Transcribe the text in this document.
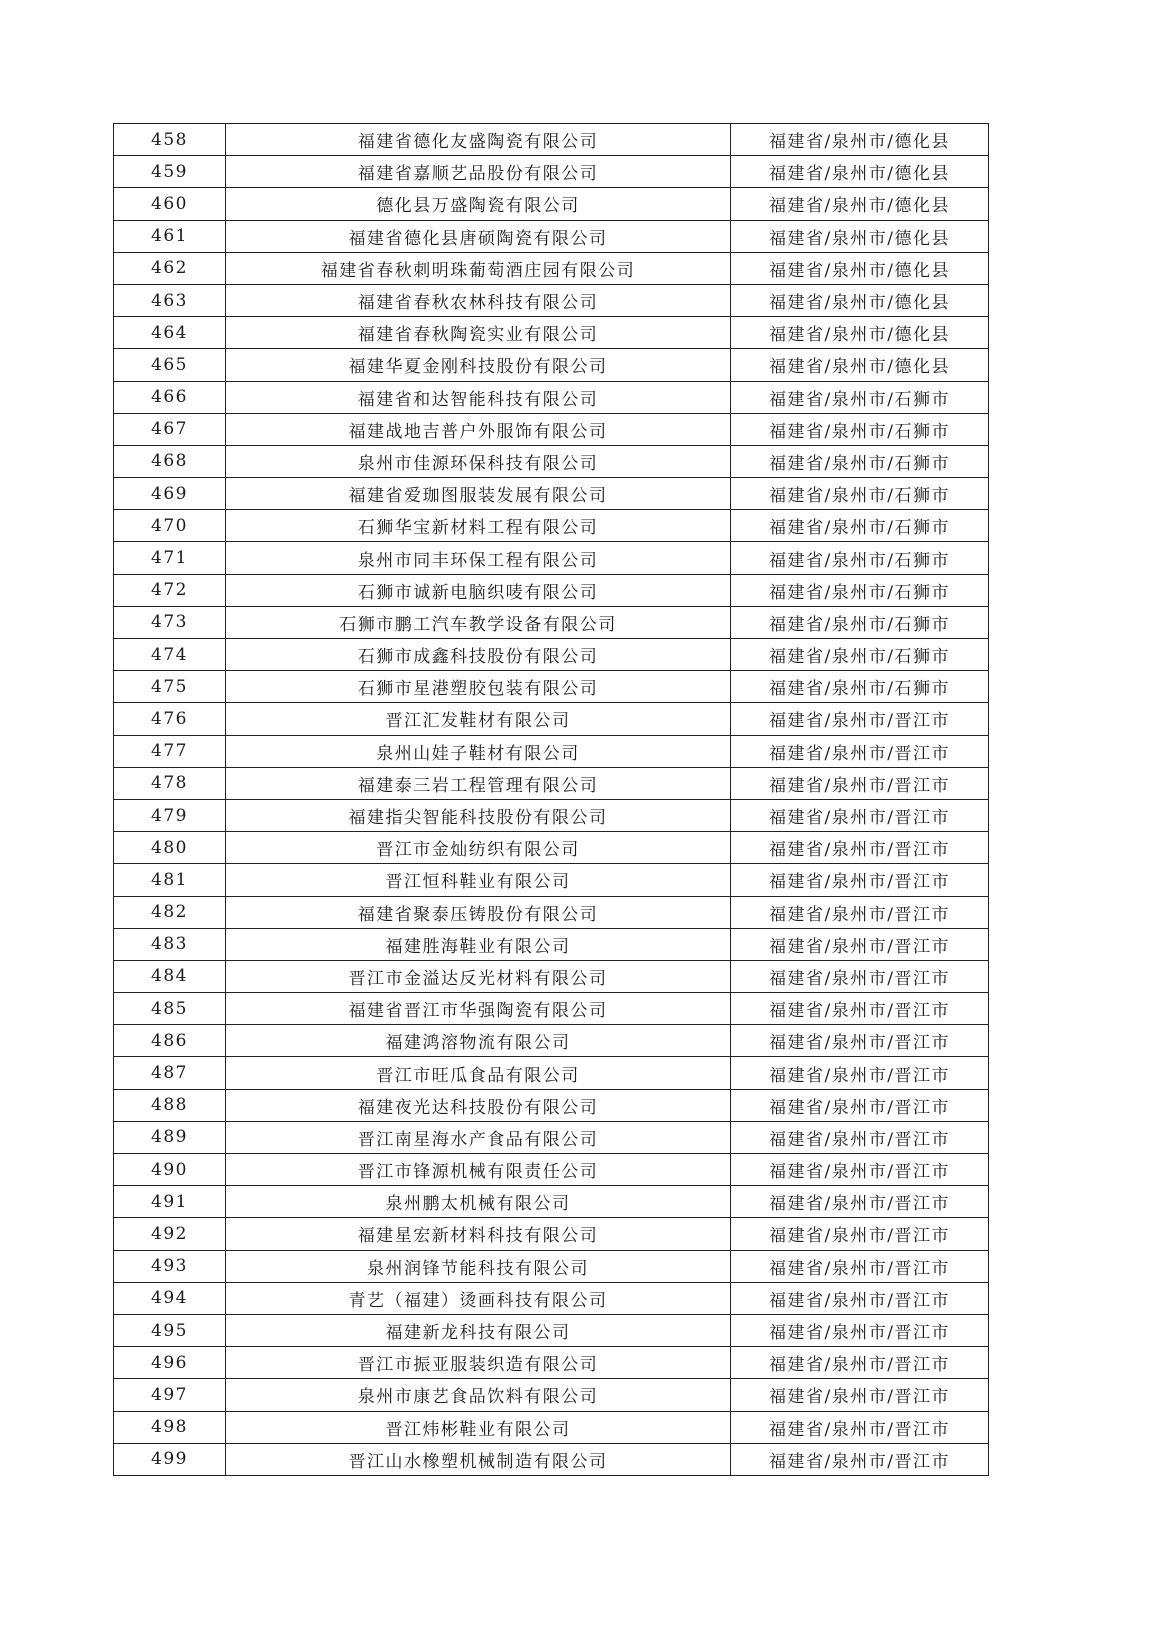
458	福建省德化友盛陶瓷有限公司	福建省/泉州市/德化县
459	福建省嘉顺艺品股份有限公司	福建省/泉州市/德化县
460	德化县万盛陶瓷有限公司	福建省/泉州市/德化县
461	福建省德化县唐硕陶瓷有限公司	福建省/泉州市/德化县
462	福建省春秋刺明珠葡萄酒庄园有限公司	福建省/泉州市/德化县
463	福建省春秋农林科技有限公司	福建省/泉州市/德化县
464	福建省春秋陶瓷实业有限公司	福建省/泉州市/德化县
465	福建华夏金刚科技股份有限公司	福建省/泉州市/德化县
466	福建省和达智能科技有限公司	福建省/泉州市/石狮市
467	福建战地吉普户外服饰有限公司	福建省/泉州市/石狮市
468	泉州市佳源环保科技有限公司	福建省/泉州市/石狮市
469	福建省爱珈图服装发展有限公司	福建省/泉州市/石狮市
470	石狮华宝新材料工程有限公司	福建省/泉州市/石狮市
471	泉州市同丰环保工程有限公司	福建省/泉州市/石狮市
472	石狮市诚新电脑织唛有限公司	福建省/泉州市/石狮市
473	石狮市鹏工汽车教学设备有限公司	福建省/泉州市/石狮市
474	石狮市成鑫科技股份有限公司	福建省/泉州市/石狮市
475	石狮市星港塑胶包装有限公司	福建省/泉州市/石狮市
476	晋江汇发鞋材有限公司	福建省/泉州市/晋江市
477	泉州山娃子鞋材有限公司	福建省/泉州市/晋江市
478	福建泰三岩工程管理有限公司	福建省/泉州市/晋江市
479	福建指尖智能科技股份有限公司	福建省/泉州市/晋江市
480	晋江市金灿纺织有限公司	福建省/泉州市/晋江市
481	晋江恒科鞋业有限公司	福建省/泉州市/晋江市
482	福建省聚泰压铸股份有限公司	福建省/泉州市/晋江市
483	福建胜海鞋业有限公司	福建省/泉州市/晋江市
484	晋江市金溢达反光材料有限公司	福建省/泉州市/晋江市
485	福建省晋江市华强陶瓷有限公司	福建省/泉州市/晋江市
486	福建鸿溶物流有限公司	福建省/泉州市/晋江市
487	晋江市旺瓜食品有限公司	福建省/泉州市/晋江市
488	福建夜光达科技股份有限公司	福建省/泉州市/晋江市
489	晋江南星海水产食品有限公司	福建省/泉州市/晋江市
490	晋江市锋源机械有限责任公司	福建省/泉州市/晋江市
491	泉州鹏太机械有限公司	福建省/泉州市/晋江市
492	福建星宏新材料科技有限公司	福建省/泉州市/晋江市
493	泉州润锋节能科技有限公司	福建省/泉州市/晋江市
494	青艺（福建）烫画科技有限公司	福建省/泉州市/晋江市
495	福建新龙科技有限公司	福建省/泉州市/晋江市
496	晋江市振亚服装织造有限公司	福建省/泉州市/晋江市
497	泉州市康艺食品饮料有限公司	福建省/泉州市/晋江市
498	晋江炜彬鞋业有限公司	福建省/泉州市/晋江市
499	晋江山水橡塑机械制造有限公司	福建省/泉州市/晋江市
